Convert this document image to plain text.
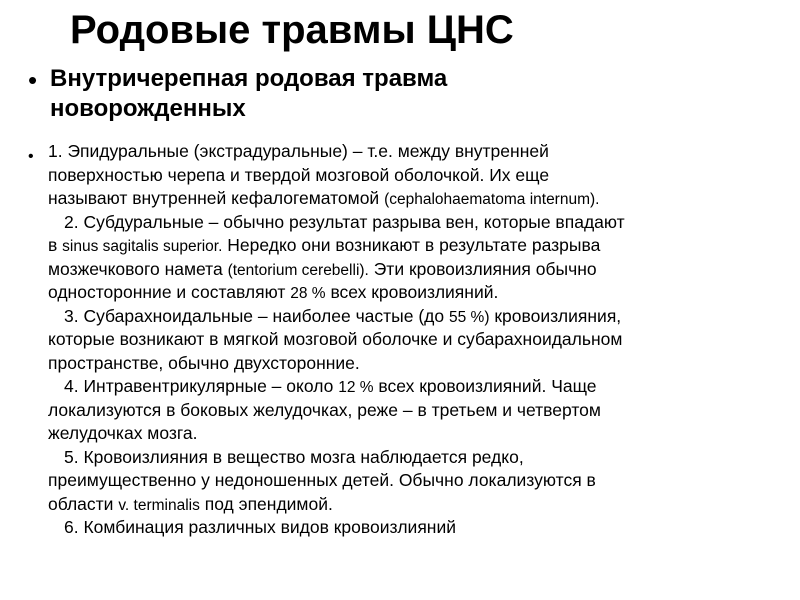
Родовые травмы ЦНС
• Внутричерепная родовая травма
новорожденных
• 1. Эпидуральные (экстрадуральные) – т.е. между внутренней
поверхностью черепа и твердой мозговой оболочкой. Их еще
называют внутренней кефалогематомой (cephalohaematoma internum).
2. Субдуральные – обычно результат разрыва вен, которые впадают
в sinus sagitalis superior. Нередко они возникают в результате разрыва
мозжечкового намета (tentorium cerebelli). Эти кровоизлияния обычно
односторонние и составляют 28 % всех кровоизлияний.
3. Субарахноидальные – наиболее частые (до 55 %) кровоизлияния,
которые возникают в мягкой мозговой оболочке и субарахноидальном
пространстве, обычно двухсторонние.
4. Интравентрикулярные – около 12 % всех кровоизлияний. Чаще
локализуются в боковых желудочках, реже – в третьем и четвертом
желудочках мозга.
5. Кровоизлияния в вещество мозга наблюдается редко,
преимущественно у недоношенных детей. Обычно локализуются в
области v. terminalis под эпендимой.
6. Комбинация различных видов кровоизлияний
